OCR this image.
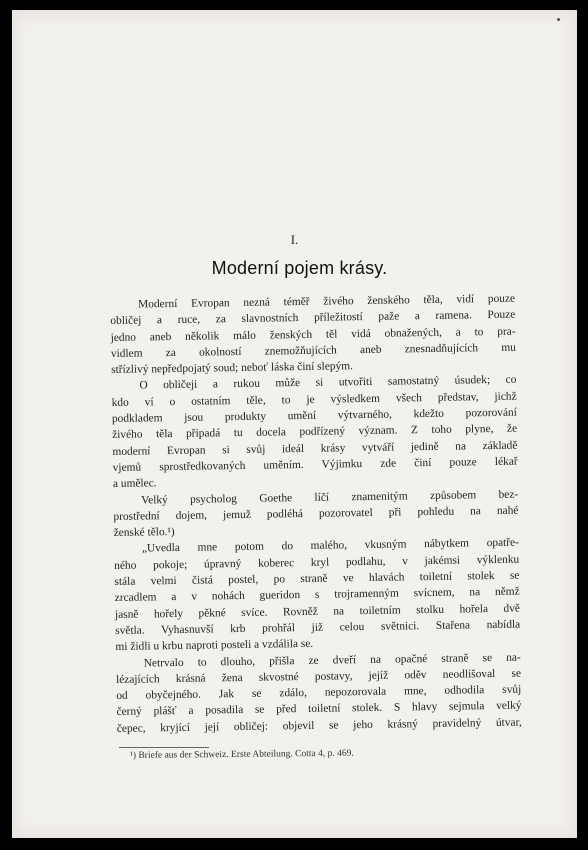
I.
Moderní pojem krásy.
Moderní Evropan nezná téměř živého ženského těla, vidí pouze
obličej a ruce, za slavnostních příležitostí paže a ramena. Pouze
jedno aneb několik málo ženských těl vidá obnažených, a to pra-
vidlem za okolností znemožňujících aneb znesnadňujících mu
střízlivý nepředpojatý soud; neboť láska činí slepým.
O obličeji a rukou může si utvořiti samostatný úsudek; co
kdo ví o ostatním těle, to je výsledkem všech představ, jichž
podkladem jsou produkty umění výtvarného, kdežto pozorování
živého těla připadá tu docela podřízený význam. Z toho plyne, že
moderní Evropan si svůj ideál krásy vytváří jedině na základě
vjemů sprostředkovaných uměním. Výjimku zde činí pouze lékař
a umělec.
Velký psycholog Goethe líčí znamenitým způsobem bez-
prostřední dojem, jemuž podléhá pozorovatel při pohledu na nahé
ženské tělo.¹)
„Uvedla mne potom do malého, vkusným nábytkem opatře-
ného pokoje; úpravný koberec kryl podlahu, v jakémsi výklenku
stála velmi čistá postel, po straně ve hlavách toiletní stolek se
zrcadlem a v nohách gueridon s trojramenným svícnem, na němž
jasně hořely pěkné svíce. Rovněž na toiletním stolku hořela dvě
světla. Vyhasnuvší krb prohřál již celou světnici. Stařena nabídla
mi židli u krbu naproti posteli a vzdálila se.
Netrvalo to dlouho, přišla ze dveří na opačné straně se na-
lézajících krásná žena skvostné postavy, jejíž oděv neodlišoval se
od obyčejného. Jak se zdálo, nepozorovala mne, odhodila svůj
černý plášť a posadila se před toiletní stolek. S hlavy sejmula velký
čepec, kryjící její obličej: objevil se jeho krásný pravidelný útvar,
¹) Briefe aus der Schweiz. Erste Abteilung. Cotta 4, p. 469.
